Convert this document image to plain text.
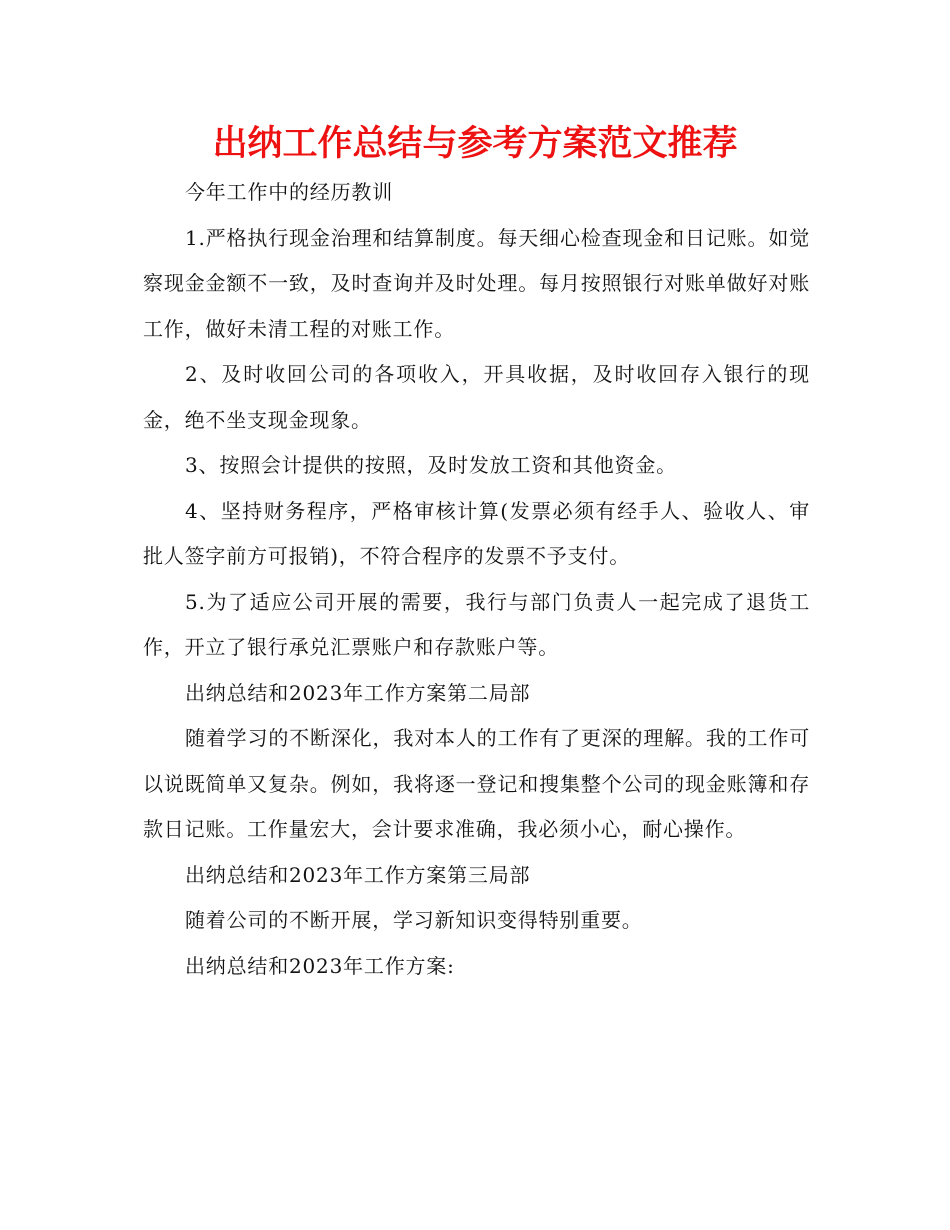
出纳工作总结与参考方案范文推荐

今年工作中的经历教训

1.严格执行现金治理和结算制度。每天细心检查现金和日记账。如觉察现金金额不一致，及时查询并及时处理。每月按照银行对账单做好对账工作，做好未清工程的对账工作。

2、及时收回公司的各项收入，开具收据，及时收回存入银行的现金，绝不坐支现金现象。

3、按照会计提供的按照，及时发放工资和其他资金。

4、坚持财务程序，严格审核计算(发票必须有经手人、验收人、审批人签字前方可报销)，不符合程序的发票不予支付。

5.为了适应公司开展的需要，我行与部门负责人一起完成了退货工作，开立了银行承兑汇票账户和存款账户等。

出纳总结和2023年工作方案第二局部

随着学习的不断深化，我对本人的工作有了更深的理解。我的工作可以说既简单又复杂。例如，我将逐一登记和搜集整个公司的现金账簿和存款日记账。工作量宏大，会计要求准确，我必须小心，耐心操作。

出纳总结和2023年工作方案第三局部

随着公司的不断开展，学习新知识变得特别重要。

出纳总结和2023年工作方案:
